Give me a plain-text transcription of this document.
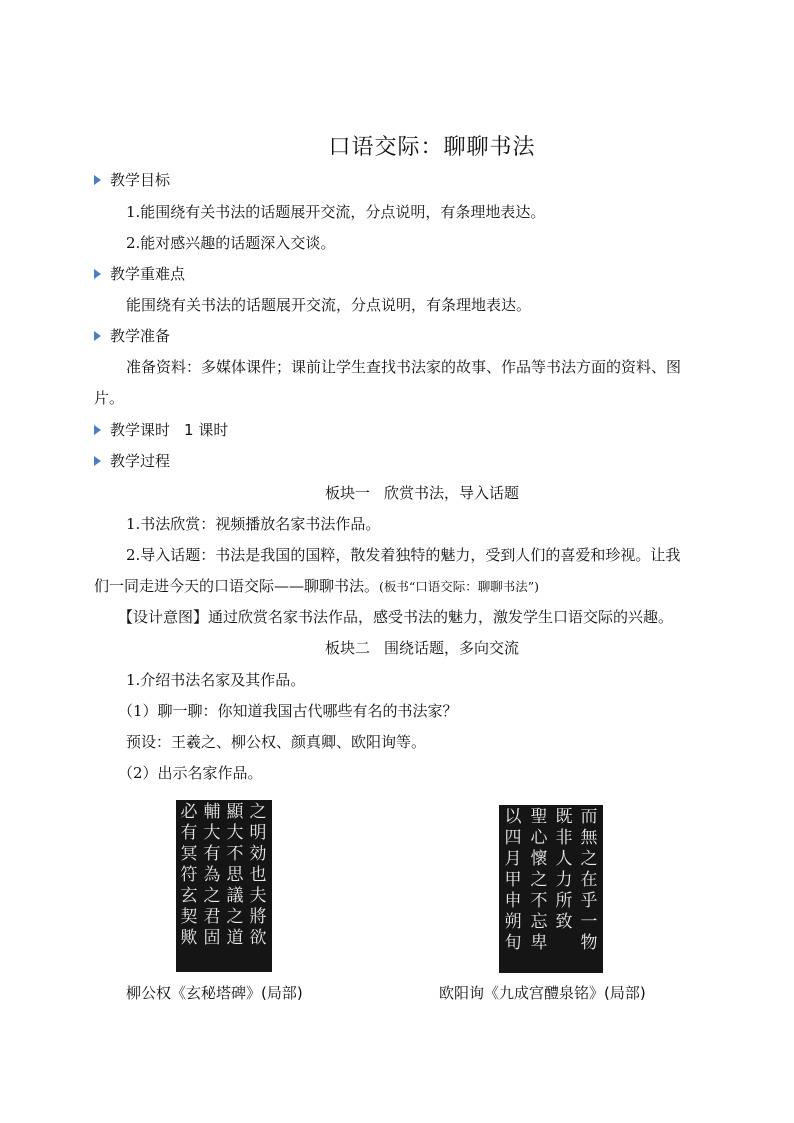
口语交际：聊聊书法
教学目标
1.能围绕有关书法的话题展开交流，分点说明，有条理地表达。
2.能对感兴趣的话题深入交谈。
教学重难点
能围绕有关书法的话题展开交流，分点说明，有条理地表达。
教学准备
准备资料：多媒体课件；课前让学生查找书法家的故事、作品等书法方面的资料、图
片。
教学课时 1 课时
教学过程
板块一 欣赏书法，导入话题
1.书法欣赏：视频播放名家书法作品。
2.导入话题：书法是我国的国粹，散发着独特的魅力，受到人们的喜爱和珍视。让我
们一同走进今天的口语交际——聊聊书法。(板书“口语交际：聊聊书法”)
【设计意图】通过欣赏名家书法作品，感受书法的魅力，激发学生口语交际的兴趣。
板块二 围绕话题，多向交流
1.介绍书法名家及其作品。
（1）聊一聊：你知道我国古代哪些有名的书法家？
预设：王羲之、柳公权、颜真卿、欧阳询等。
（2）出示名家作品。
之明効也夫將欲
顯大不思議之道
輔大有為之君固
必有冥符玄契歟
柳公权《玄秘塔碑》(局部)
而無之在乎一物
既非人力所致
聖心懷之不忘卑
以四月甲申朔旬
欧阳询《九成宫醴泉铭》(局部)
